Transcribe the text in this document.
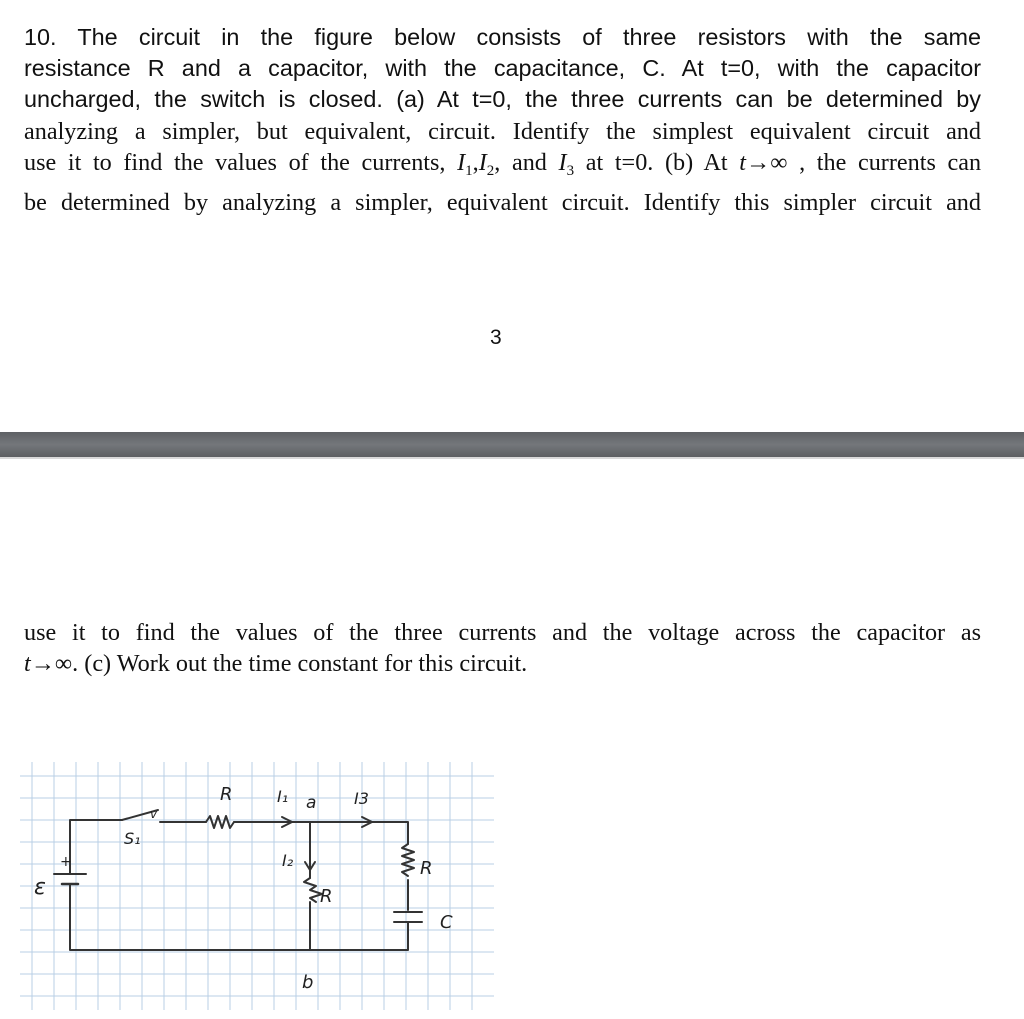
10. The circuit in the figure below consists of three resistors with the same
resistance R and a capacitor, with the capacitance, C. At t=0, with the capacitor
uncharged, the switch is closed. (a) At t=0, the three currents can be determined by
analyzing a simpler, but equivalent, circuit. Identify the simplest equivalent circuit and
use it to find the values of the currents, $I_1,I_2$, and $I_3$ at t=0. (b) At t→∞ , the currents can
be determined by analyzing a simpler, equivalent circuit. Identify this simpler circuit and
3
use it to find the values of the three currents and the voltage across the capacitor as
t→∞. (c) Work out the time constant for this circuit.
R	I₁ a I3
S₁
v
+
ε
I₂
R
R
C
b
